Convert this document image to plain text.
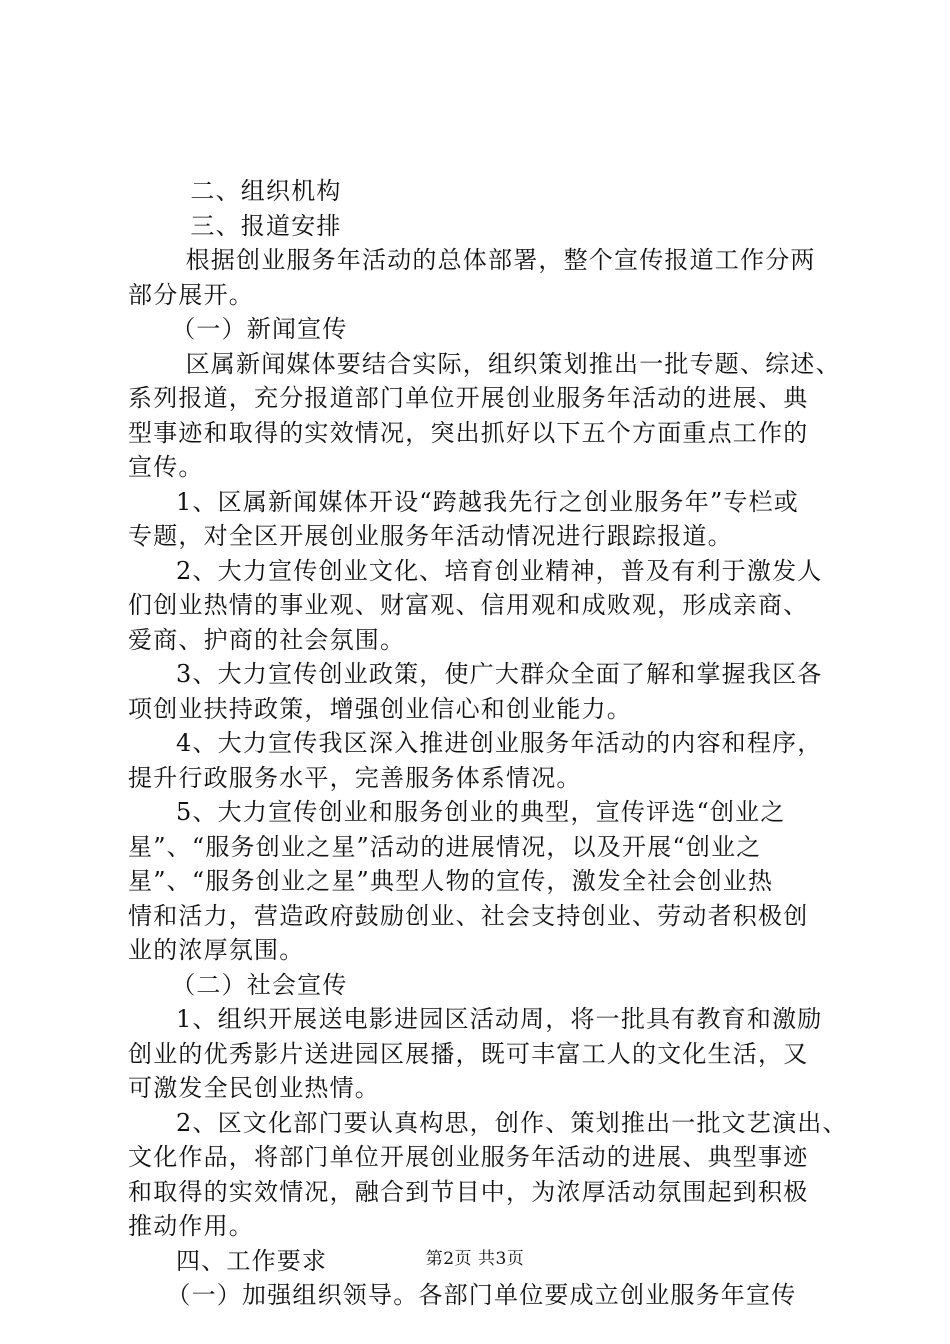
二、组织机构
三、报道安排
根据创业服务年活动的总体部署，整个宣传报道工作分两
部分展开。
（一）新闻宣传
区属新闻媒体要结合实际，组织策划推出一批专题、综述、
系列报道，充分报道部门单位开展创业服务年活动的进展、典
型事迹和取得的实效情况，突出抓好以下五个方面重点工作的
宣传。
1、区属新闻媒体开设“跨越我先行之创业服务年”专栏或
专题，对全区开展创业服务年活动情况进行跟踪报道。
2、大力宣传创业文化、培育创业精神，普及有利于激发人
们创业热情的事业观、财富观、信用观和成败观，形成亲商、
爱商、护商的社会氛围。
3、大力宣传创业政策，使广大群众全面了解和掌握我区各
项创业扶持政策，增强创业信心和创业能力。
4、大力宣传我区深入推进创业服务年活动的内容和程序，
提升行政服务水平，完善服务体系情况。
5、大力宣传创业和服务创业的典型，宣传评选“创业之
星”、“服务创业之星”活动的进展情况，以及开展“创业之
星”、“服务创业之星”典型人物的宣传，激发全社会创业热
情和活力，营造政府鼓励创业、社会支持创业、劳动者积极创
业的浓厚氛围。
（二）社会宣传
1、组织开展送电影进园区活动周，将一批具有教育和激励
创业的优秀影片送进园区展播，既可丰富工人的文化生活，又
可激发全民创业热情。
2、区文化部门要认真构思，创作、策划推出一批文艺演出、
文化作品，将部门单位开展创业服务年活动的进展、典型事迹
和取得的实效情况，融合到节目中，为浓厚活动氛围起到积极
推动作用。
四、工作要求
（一）加强组织领导。各部门单位要成立创业服务年宣传
第2页 共3页
